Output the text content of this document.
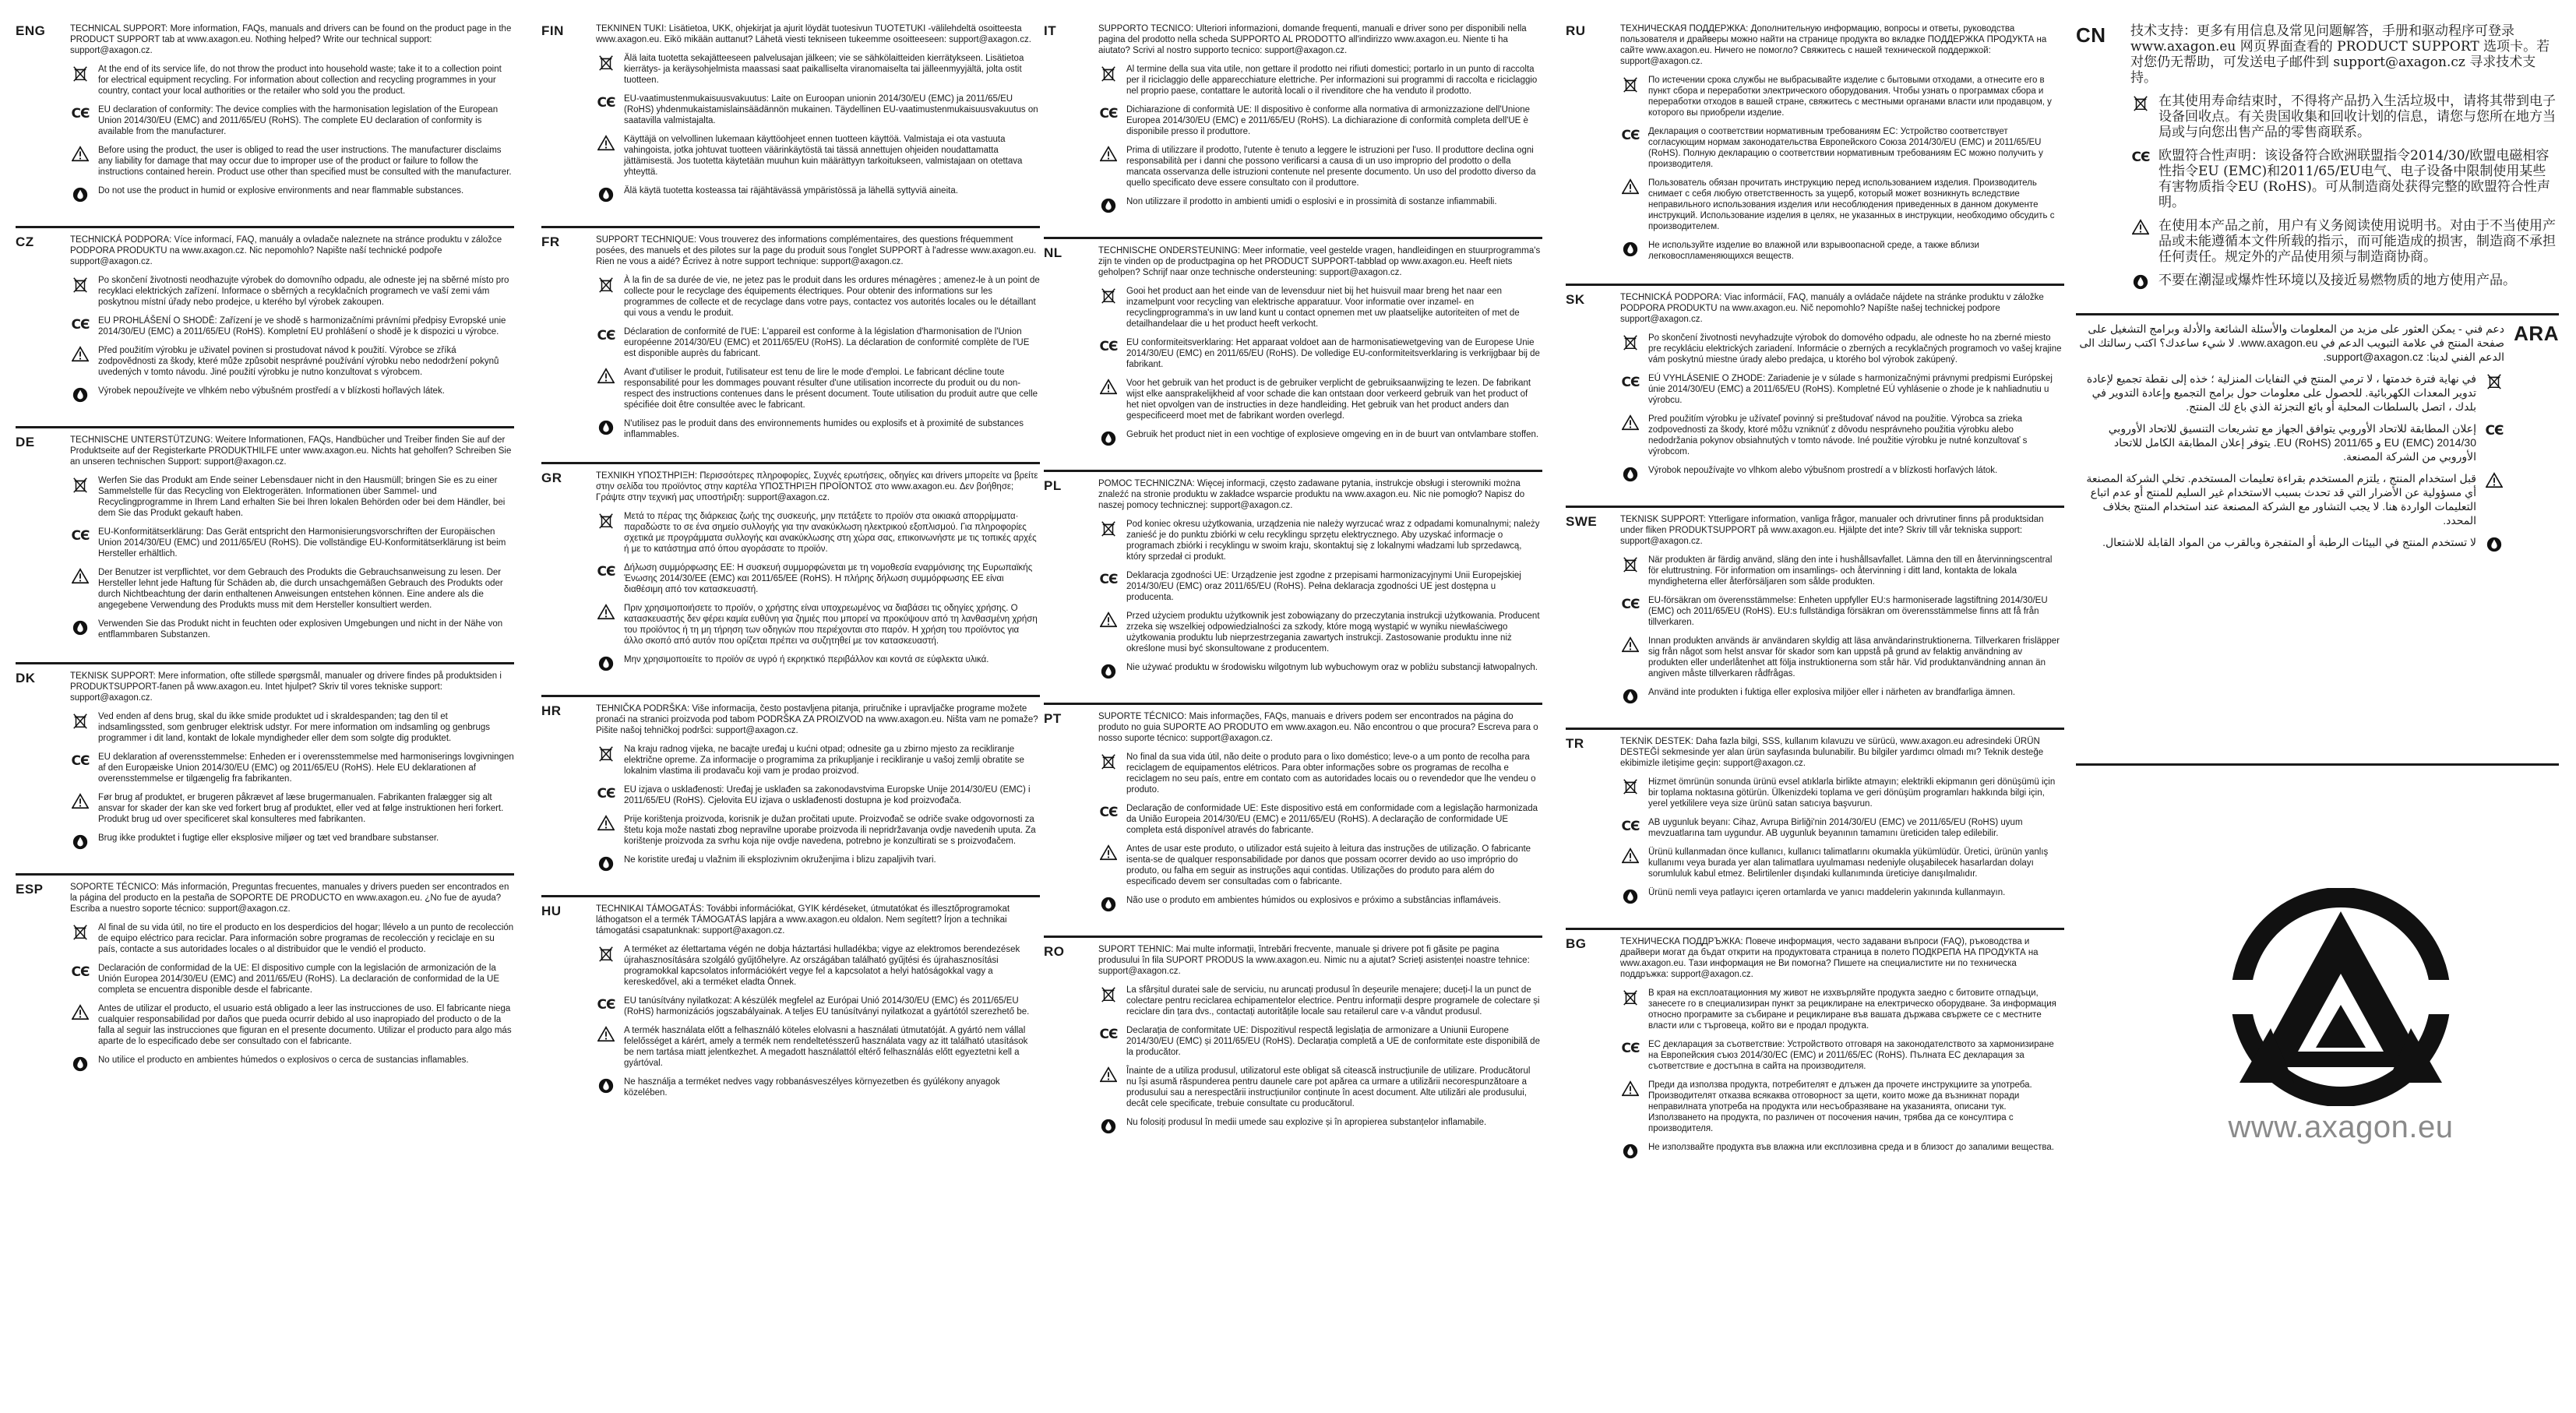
ENG	TECHNICAL SUPPORT: More information, FAQs, manuals and drivers can be found on the product page in the PRODUCT SUPPORT tab at www.axagon.eu. Nothing helped? Write our technical support: support@axagon.cz.
At the end of its service life, do not throw the product into household waste; take it to a collection point for electrical equipment recycling. For information about collection and recycling programmes in your country, contact your local authorities or the retailer who sold you the product.
CЄ EU declaration of conformity: The device complies with the harmonisation legislation of the European Union 2014/30/EU (EMC) and 2011/65/EU (RoHS). The complete EU declaration of conformity is available from the manufacturer.
Before using the product, the user is obliged to read the user instructions. The manufacturer disclaims any liability for damage that may occur due to improper use of the product or failure to follow the instructions contained herein. Product use other than specified must be consulted with the manufacturer.
Do not use the product in humid or explosive environments and near flammable substances.
CZ	TECHNICKÁ PODPORA: Více informací, FAQ, manuály a ovladače naleznete na stránce produktu v záložce PODPORA PRODUKTU na www.axagon.cz. Nic nepomohlo? Napište naší technické podpoře support@axagon.cz.
Po skončení životnosti neodhazujte výrobek do domovního odpadu, ale odneste jej na sběrné místo pro recyklaci elektrických zařízení. Informace o sběrných a recyklačních programech ve vaší zemi vám poskytnou místní úřady nebo prodejce, u kterého byl výrobek zakoupen.
CЄ EU PROHLÁŠENÍ O SHODĚ: Zařízení je ve shodě s harmonizačními právními předpisy Evropské unie 2014/30/EU (EMC) a 2011/65/EU (RoHS). Kompletní EU prohlášení o shodě je k dispozici u výrobce.
Před použitím výrobku je uživatel povinen si prostudovat návod k použití. Výrobce se zříká zodpovědnosti za škody, které může způsobit nesprávné používání výrobku nebo nedodržení pokynů uvedených v tomto návodu. Jiné použití výrobku je nutno konzultovat s výrobcem.
Výrobek nepoužívejte ve vlhkém nebo výbušném prostředí a v blízkosti hořlavých látek.
DE	TECHNISCHE UNTERSTÜTZUNG: Weitere Informationen, FAQs, Handbücher und Treiber finden Sie auf der Produktseite auf der Registerkarte PRODUKTHILFE unter www.axagon.eu. Nichts hat geholfen? Schreiben Sie an unseren technischen Support: support@axagon.cz.
Werfen Sie das Produkt am Ende seiner Lebensdauer nicht in den Hausmüll; bringen Sie es zu einer Sammelstelle für das Recycling von Elektrogeräten. Informationen über Sammel- und Recyclingprogramme in Ihrem Land erhalten Sie bei Ihren lokalen Behörden oder bei dem Händler, bei dem Sie das Produkt gekauft haben.
CЄ EU-Konformitätserklärung: Das Gerät entspricht den Harmonisierungsvorschriften der Europäischen Union 2014/30/EU (EMC) und 2011/65/EU (RoHS). Die vollständige EU-Konformitätserklärung ist beim Hersteller erhältlich.
Der Benutzer ist verpflichtet, vor dem Gebrauch des Produkts die Gebrauchsanweisung zu lesen. Der Hersteller lehnt jede Haftung für Schäden ab, die durch unsachgemäßen Gebrauch des Produkts oder durch Nichtbeachtung der darin enthaltenen Anweisungen entstehen können. Eine andere als die angegebene Verwendung des Produkts muss mit dem Hersteller konsultiert werden.
Verwenden Sie das Produkt nicht in feuchten oder explosiven Umgebungen und nicht in der Nähe von entflammbaren Substanzen.
DK	TEKNISK SUPPORT: Mere information, ofte stillede spørgsmål, manualer og drivere findes på produktsiden i PRODUKTSUPPORT-fanen på www.axagon.eu. Intet hjulpet? Skriv til vores tekniske support: support@axagon.cz.
Ved enden af dens brug, skal du ikke smide produktet ud i skraldespanden; tag den til et indsamlingssted, som genbruger elektrisk udstyr. For mere information om indsamling og genbrugs programmer i dit land, kontakt de lokale myndigheder eller dem som solgte dig produktet.
CЄ EU deklaration af overensstemmelse: Enheden er i overensstemmelse med harmoniserings lovgivningen af den Europæiske Union 2014/30/EU (EMC) og 2011/65/EU (RoHS). Hele EU deklarationen af overensstemmelse er tilgængelig fra fabrikanten.
Før brug af produktet, er brugeren påkrævet af læse brugermanualen. Fabrikanten fralægger sig alt ansvar for skader der kan ske ved forkert brug af produktet, eller ved at følge instruktionen heri forkert. Produkt brug ud over specificeret skal konsulteres med fabrikanten.
Brug ikke produktet i fugtige eller eksplosive miljøer og tæt ved brandbare substanser.
ESP	SOPORTE TÉCNICO: Más información, Preguntas frecuentes, manuales y drivers pueden ser encontrados en la página del producto en la pestaña de SOPORTE DE PRODUCTO en www.axagon.eu. ¿No fue de ayuda? Escriba a nuestro soporte técnico: support@axagon.cz.
Al final de su vida útil, no tire el producto en los desperdicios del hogar; llévelo a un punto de recolección de equipo eléctrico para reciclar. Para información sobre programas de recolección y reciclaje en su país, contacte a sus autoridades locales o al distribuidor que le vendió el producto.
CЄ Declaración de conformidad de la UE: El dispositivo cumple con la legislación de armonización de la Unión Europea 2014/30/EU (EMC) and 2011/65/EU (RoHS). La declaración de conformidad de la UE completa se encuentra disponible desde el fabricante.
Antes de utilizar el producto, el usuario está obligado a leer las instrucciones de uso. El fabricante niega cualquier responsabilidad por daños que pueda ocurrir debido al uso inapropiado del producto o de la falla al seguir las instrucciones que figuran en el presente documento. Utilizar el producto para algo más aparte de lo especificado debe ser consultado con el fabricante.
No utilice el producto en ambientes húmedos o explosivos o cerca de sustancias inflamables.
FIN	TEKNINEN TUKI: Lisätietoa, UKK, ohjekirjat ja ajurit löydät tuotesivun TUOTETUKI -välilehdeltä osoitteesta www.axagon.eu. Eikö mikään auttanut? Lähetä viesti tekniseen tukeemme osoitteeseen: support@axagon.cz.
Älä laita tuotetta sekajätteeseen palvelusajan jälkeen; vie se sähkölaitteiden kierrätykseen. Lisätietoa kierrätys- ja keräysohjelmista maassasi saat paikalliselta viranomaiselta tai jälleenmyyjältä, jolta ostit tuotteen.
CЄ EU-vaatimustenmukaisuusvakuutus: Laite on Euroopan unionin 2014/30/EU (EMC) ja 2011/65/EU (RoHS) yhdenmukaistamislainsäädännön mukainen. Täydellinen EU-vaatimustenmukaisuusvakuutus on saatavilla valmistajalta.
Käyttäjä on velvollinen lukemaan käyttöohjeet ennen tuotteen käyttöä. Valmistaja ei ota vastuuta vahingoista, jotka johtuvat tuotteen väärinkäytöstä tai tässä annettujen ohjeiden noudattamatta jättämisestä. Jos tuotetta käytetään muuhun kuin määrättyyn tarkoitukseen, valmistajaan on otettava yhteyttä.
Älä käytä tuotetta kosteassa tai räjähtävässä ympäristössä ja lähellä syttyviä aineita.
FR	SUPPORT TECHNIQUE: Vous trouverez des informations complémentaires, des questions fréquemment posées, des manuels et des pilotes sur la page du produit sous l'onglet SUPPORT à l'adresse www.axagon.eu. Rien ne vous a aidé? Écrivez à notre support technique: support@axagon.cz.
À la fin de sa durée de vie, ne jetez pas le produit dans les ordures ménagères ; amenez-le à un point de collecte pour le recyclage des équipements électriques. Pour obtenir des informations sur les programmes de collecte et de recyclage dans votre pays, contactez vos autorités locales ou le détaillant qui vous a vendu le produit.
CЄ Déclaration de conformité de l'UE: L'appareil est conforme à la législation d'harmonisation de l'Union européenne 2014/30/EU (EMC) et 2011/65/EU (RoHS). La déclaration de conformité complète de l'UE est disponible auprès du fabricant.
Avant d'utiliser le produit, l'utilisateur est tenu de lire le mode d'emploi. Le fabricant décline toute responsabilité pour les dommages pouvant résulter d'une utilisation incorrecte du produit ou du non-respect des instructions contenues dans le présent document. Toute utilisation du produit autre que celle spécifiée doit être consultée avec le fabricant.
N'utilisez pas le produit dans des environnements humides ou explosifs et à proximité de substances inflammables.
GR	ΤΕΧΝΙΚΗ ΥΠΟΣΤΗΡΙΞΗ: Περισσότερες πληροφορίες, Συχνές ερωτήσεις, οδηγίες και drivers μπορείτε να βρείτε στην σελίδα του προϊόντος στην καρτέλα ΥΠΟΣΤΗΡΙΞΗ ΠΡΟΪΟΝΤΟΣ στο www.axagon.eu. Δεν βοήθησε; Γράψτε στην τεχνική μας υποστήριξη: support@axagon.cz.
Μετά το πέρας της διάρκειας ζωής της συσκευής, μην πετάξετε το προϊόν στα οικιακά απορρίμματα· παραδώστε το σε ένα σημείο συλλογής για την ανακύκλωση ηλεκτρικού εξοπλισμού. Για πληροφορίες σχετικά με προγράμματα συλλογής και ανακύκλωσης στη χώρα σας, επικοινωνήστε με τις τοπικές αρχές ή με το κατάστημα από όπου αγοράσατε το προϊόν.
CЄ Δήλωση συμμόρφωσης ΕΕ: Η συσκευή συμμορφώνεται με τη νομοθεσία εναρμόνισης της Ευρωπαϊκής Ένωσης 2014/30/EE (EMC) και 2011/65/EE (RoHS). Η πλήρης δήλωση συμμόρφωσης ΕΕ είναι διαθέσιμη από τον κατασκευαστή.
Πριν χρησιμοποιήσετε το προϊόν, ο χρήστης είναι υποχρεωμένος να διαβάσει τις οδηγίες χρήσης. Ο κατασκευαστής δεν φέρει καμία ευθύνη για ζημιές που μπορεί να προκύψουν από τη λανθασμένη χρήση του προϊόντος ή τη μη τήρηση των οδηγιών που περιέχονται στο παρόν. Η χρήση του προϊόντος για άλλο σκοπό από αυτόν που ορίζεται πρέπει να συζητηθεί με τον κατασκευαστή.
Μην χρησιμοποιείτε το προϊόν σε υγρό ή εκρηκτικό περιβάλλον και κοντά σε εύφλεκτα υλικά.
HR	TEHNIČKA PODRŠKA: Više informacija, često postavljena pitanja, priručnike i upravljačke programe možete pronaći na stranici proizvoda pod tabom PODRŠKA ZA PROIZVOD na www.axagon.eu. Ništa vam ne pomaže? Pišite našoj tehničkoj podršci: support@axagon.cz.
Na kraju radnog vijeka, ne bacajte uređaj u kućni otpad; odnesite ga u zbirno mjesto za recikliranje električne opreme. Za informacije o programima za prikupljanje i recikliranje u vašoj zemlji obratite se lokalnim vlastima ili prodavaču koji vam je prodao proizvod.
CЄ EU izjava o usklađenosti: Uređaj je usklađen sa zakonodavstvima Europske Unije 2014/30/EU (EMC) i 2011/65/EU (RoHS). Cjelovita EU izjava o usklađenosti dostupna je kod proizvođača.
Prije korištenja proizvoda, korisnik je dužan pročitati upute. Proizvođač se odriče svake odgovornosti za štetu koja može nastati zbog nepravilne uporabe proizvoda ili nepridržavanja ovdje navedenih uputa. Za korištenje proizvoda za svrhu koja nije ovdje navedena, potrebno je konzultirati se s proizvođačem.
Ne koristite uređaj u vlažnim ili eksplozivnim okruženjima i blizu zapaljivih tvari.
HU	TECHNIKAI TÁMOGATÁS: További információkat, GYIK kérdéseket, útmutatókat és illesztőprogramokat láthogatson el a termék TÁMOGATÁS lapjára a www.axagon.eu oldalon. Nem segített? Írjon a technikai támogatási csapatunknak: support@axagon.cz.
A terméket az élettartama végén ne dobja háztartási hulladékba; vigye az elektromos berendezések újrahasznosítására szolgáló gyűjtőhelyre. Az országában található gyűjtési és újrahasznosítási programokkal kapcsolatos információkért vegye fel a kapcsolatot a helyi hatóságokkal vagy a kereskedővel, aki a terméket eladta Önnek.
CЄ EU tanúsítvány nyilatkozat: A készülék megfelel az Európai Unió 2014/30/EU (EMC) és 2011/65/EU (RoHS) harmonizációs jogszabályainak. A teljes EU tanúsítványi nyilatkozat a gyártótól szerezhető be.
A termék használata előtt a felhasználó köteles elolvasni a használati útmutatóját. A gyártó nem vállal felelősséget a kárért, amely a termék nem rendeltetésszerű használata vagy az itt található utasítások be nem tartása miatt jelentkezhet. A megadott használattól eltérő felhasználás előtt egyeztetni kell a gyártóval.
Ne használja a terméket nedves vagy robbanásveszélyes környezetben és gyúlékony anyagok közelében.
IT	SUPPORTO TECNICO: Ulteriori informazioni, domande frequenti, manuali e driver sono per disponibili nella pagina del prodotto nella scheda SUPPORTO AL PRODOTTO all'indirizzo www.axagon.eu. Niente ti ha aiutato? Scrivi al nostro supporto tecnico: support@axagon.cz.
Al termine della sua vita utile, non gettare il prodotto nei rifiuti domestici; portarlo in un punto di raccolta per il riciclaggio delle apparecchiature elettriche. Per informazioni sui programmi di raccolta e riciclaggio nel proprio paese, contattare le autorità locali o il rivenditore che ha venduto il prodotto.
CЄ Dichiarazione di conformità UE: Il dispositivo è conforme alla normativa di armonizzazione dell'Unione Europea 2014/30/EU (EMC) e 2011/65/EU (RoHS). La dichiarazione di conformità completa dell'UE è disponibile presso il produttore.
Prima di utilizzare il prodotto, l'utente è tenuto a leggere le istruzioni per l'uso. Il produttore declina ogni responsabilità per i danni che possono verificarsi a causa di un uso improprio del prodotto o della mancata osservanza delle istruzioni contenute nel presente documento. Un uso del prodotto diverso da quello specificato deve essere consultato con il produttore.
Non utilizzare il prodotto in ambienti umidi o esplosivi e in prossimità di sostanze infiammabili.
NL	TECHNISCHE ONDERSTEUNING: Meer informatie, veel gestelde vragen, handleidingen en stuurprogramma's zijn te vinden op de productpagina op het PRODUCT SUPPORT-tabblad op www.axagon.eu. Heeft niets geholpen? Schrijf naar onze technische ondersteuning: support@axagon.cz.
Gooi het product aan het einde van de levensduur niet bij het huisvuil maar breng het naar een inzamelpunt voor recycling van elektrische apparatuur. Voor informatie over inzamel- en recyclingprogramma's in uw land kunt u contact opnemen met uw plaatselijke autoriteiten of met de detailhandelaar die u het product heeft verkocht.
CЄ EU conformiteitsverklaring: Het apparaat voldoet aan de harmonisatiewetgeving van de Europese Unie 2014/30/EU (EMC) en 2011/65/EU (RoHS). De volledige EU-conformiteitsverklaring is verkrijgbaar bij de fabrikant.
Voor het gebruik van het product is de gebruiker verplicht de gebruiksaanwijzing te lezen. De fabrikant wijst elke aansprakelijkheid af voor schade die kan ontstaan door verkeerd gebruik van het product of het niet opvolgen van de instructies in deze handleiding. Het gebruik van het product anders dan gespecificeerd moet met de fabrikant worden overlegd.
Gebruik het product niet in een vochtige of explosieve omgeving en in de buurt van ontvlambare stoffen.
PL	POMOC TECHNICZNA: Więcej informacji, często zadawane pytania, instrukcje obsługi i sterowniki można znaleźć na stronie produktu w zakładce wsparcie produktu na www.axagon.eu. Nic nie pomogło? Napisz do naszej pomocy technicznej: support@axagon.cz.
Pod koniec okresu użytkowania, urządzenia nie należy wyrzucać wraz z odpadami komunalnymi; należy zanieść je do punktu zbiórki w celu recyklingu sprzętu elektrycznego. Aby uzyskać informacje o programach zbiórki i recyklingu w swoim kraju, skontaktuj się z lokalnymi władzami lub sprzedawcą, który sprzedał ci produkt.
CЄ Deklaracja zgodności UE: Urządzenie jest zgodne z przepisami harmonizacyjnymi Unii Europejskiej 2014/30/EU (EMC) oraz 2011/65/EU (RoHS). Pełna deklaracja zgodności UE jest dostępna u producenta.
Przed użyciem produktu użytkownik jest zobowiązany do przeczytania instrukcji użytkowania. Producent zrzeka się wszelkiej odpowiedzialności za szkody, które mogą wystąpić w wyniku niewłaściwego użytkowania produktu lub nieprzestrzegania zawartych instrukcji. Zastosowanie produktu inne niż określone musi być skonsultowane z producentem.
Nie używać produktu w środowisku wilgotnym lub wybuchowym oraz w pobliżu substancji łatwopalnych.
PT	SUPORTE TÉCNICO: Mais informações, FAQs, manuais e drivers podem ser encontrados na página do produto no guia SUPORTE AO PRODUTO em www.axagon.eu. Não encontrou o que procura? Escreva para o nosso suporte técnico: support@axagon.cz.
No final da sua vida útil, não deite o produto para o lixo doméstico; leve-o a um ponto de recolha para reciclagem de equipamentos elétricos. Para obter informações sobre os programas de recolha e reciclagem no seu país, entre em contato com as autoridades locais ou o revendedor que lhe vendeu o produto.
CЄ Declaração de conformidade UE: Este dispositivo está em conformidade com a legislação harmonizada da União Europeia 2014/30/EU (EMC) e 2011/65/EU (RoHS). A declaração de conformidade UE completa está disponível através do fabricante.
Antes de usar este produto, o utilizador está sujeito à leitura das instruções de utilização. O fabricante isenta-se de qualquer responsabilidade por danos que possam ocorrer devido ao uso impróprio do produto, ou falha em seguir as instruções aqui contidas. Utilizações do produto para além do especificado devem ser consultadas com o fabricante.
Não use o produto em ambientes húmidos ou explosivos e próximo a substâncias inflamáveis.
RO	SUPORT TEHNIC: Mai multe informații, întrebări frecvente, manuale și drivere pot fi găsite pe pagina produsului în fila SUPORT PRODUS la www.axagon.eu. Nimic nu a ajutat? Scrieți asistenței noastre tehnice: support@axagon.cz.
La sfârșitul duratei sale de serviciu, nu aruncați produsul în deșeurile menajere; duceți-l la un punct de colectare pentru reciclarea echipamentelor electrice. Pentru informații despre programele de colectare și reciclare din țara dvs., contactați autoritățile locale sau retailerul care v-a vândut produsul.
CЄ Declarația de conformitate UE: Dispozitivul respectă legislația de armonizare a Uniunii Europene 2014/30/EU (EMC) și 2011/65/EU (RoHS). Declarația completă a UE de conformitate este disponibilă de la producător.
Înainte de a utiliza produsul, utilizatorul este obligat să citească instrucțiunile de utilizare. Producătorul nu își asumă răspunderea pentru daunele care pot apărea ca urmare a utilizării necorespunzătoare a produsului sau a nerespectării instrucțiunilor conținute în acest document. Alte utilizări ale produsului, decât cele specificate, trebuie consultate cu producătorul.
Nu folosiți produsul în medii umede sau explozive și în apropierea substanțelor inflamabile.
RU	ТЕХНИЧЕСКАЯ ПОДДЕРЖКА: Дополнительную информацию, вопросы и ответы, руководства пользователя и драйверы можно найти на странице продукта во вкладке ПОДДЕРЖКА ПРОДУКТА на сайте www.axagon.eu. Ничего не помогло? Свяжитесь с нашей технической поддержкой: support@axagon.cz.
По истечении срока службы не выбрасывайте изделие с бытовыми отходами, а отнесите его в пункт сбора и переработки электрического оборудования. Чтобы узнать о программах сбора и переработки отходов в вашей стране, свяжитесь с местными органами власти или продавцом, у которого вы приобрели изделие.
CЄ Декларация о соответствии нормативным требованиям ЕС: Устройство соответствует согласующим нормам законодательства Европейского Союза 2014/30/EU (EMC) и 2011/65/EU (RoHS). Полную декларацию о соответствии нормативным требованиям ЕС можно получить у производителя.
Пользователь обязан прочитать инструкцию перед использованием изделия. Производитель снимает с себя любую ответственность за ущерб, который может возникнуть вследствие неправильного использования изделия или несоблюдения приведенных в данном документе инструкций. Использование изделия в целях, не указанных в инструкции, необходимо обсудить с производителем.
Не используйте изделие во влажной или взрывоопасной среде, а также вблизи легковоспламеняющихся веществ.
SK	TECHNICKÁ PODPORA: Viac informácií, FAQ, manuály a ovládače nájdete na stránke produktu v záložke PODPORA PRODUKTU na www.axagon.eu. Nič nepomohlo? Napíšte našej technickej podpore support@axagon.cz.
Po skončení životnosti nevyhadzujte výrobok do domového odpadu, ale odneste ho na zberné miesto pre recykláciu elektrických zariadení. Informácie o zberných a recyklačných programoch vo vašej krajine vám poskytnú miestne úrady alebo predajca, u ktorého bol výrobok zakúpený.
CЄ EÚ VYHLÁSENIE O ZHODE: Zariadenie je v súlade s harmonizačnými právnymi predpismi Európskej únie 2014/30/EU (EMC) a 2011/65/EU (RoHS). Kompletné EÚ vyhlásenie o zhode je k nahliadnutiu u výrobcu.
Pred použitím výrobku je užívateľ povinný si preštudovať návod na použitie. Výrobca sa zrieka zodpovednosti za škody, ktoré môžu vzniknúť z dôvodu nesprávneho použitia výrobku alebo nedodržania pokynov obsiahnutých v tomto návode. Iné použitie výrobku je nutné konzultovať s výrobcom.
Výrobok nepoužívajte vo vlhkom alebo výbušnom prostredí a v blízkosti horľavých látok.
SWE	TEKNISK SUPPORT: Ytterligare information, vanliga frågor, manualer och drivrutiner finns på produktsidan under fliken PRODUKTSUPPORT på www.axagon.eu. Hjälpte det inte? Skriv till vår tekniska support: support@axagon.cz.
När produkten är färdig använd, släng den inte i hushållsavfallet. Lämna den till en återvinningscentral för eluttrustning. För information om insamlings- och återvinning i ditt land, kontakta de lokala myndigheterna eller återförsäljaren som sålde produkten.
CЄ EU-försäkran om överensstämmelse: Enheten uppfyller EU:s harmoniserade lagstiftning 2014/30/EU (EMC) och 2011/65/EU (RoHS). EU:s fullständiga försäkran om överensstämmelse finns att få från tillverkaren.
Innan produkten används är användaren skyldig att läsa användarinstruktionerna. Tillverkaren frisläpper sig från något som helst ansvar för skador som kan uppstå på grund av felaktig användning av produkten eller underlåtenhet att följa instruktionerna som står här. Vid produktanvändning annan än angiven måste tillverkaren rådfrågas.
Använd inte produkten i fuktiga eller explosiva miljöer eller i närheten av brandfarliga ämnen.
TR	TEKNİK DESTEK: Daha fazla bilgi, SSS, kullanım kılavuzu ve sürücü, www.axagon.eu adresindeki ÜRÜN DESTEĞİ sekmesinde yer alan ürün sayfasında bulunabilir. Bu bilgiler yardımcı olmadı mı? Teknik desteğe ekibimizle iletişime geçin: support@axagon.cz.
Hizmet ömrünün sonunda ürünü evsel atıklarla birlikte atmayın; elektrikli ekipmanın geri dönüşümü için bir toplama noktasına götürün. Ülkenizdeki toplama ve geri dönüşüm programları hakkında bilgi için, yerel yetkililere veya size ürünü satan satıcıya başvurun.
CЄ AB uygunluk beyanı: Cihaz, Avrupa Birliği'nin 2014/30/EU (EMC) ve 2011/65/EU (RoHS) uyum mevzuatlarına tam uygundur. AB uygunluk beyanının tamamını üreticiden talep edilebilir.
Ürünü kullanmadan önce kullanıcı, kullanıcı talimatlarını okumakla yükümlüdür. Üretici, ürünün yanlış kullanımı veya burada yer alan talimatlara uyulmaması nedeniyle oluşabilecek hasarlardan dolayı sorumluluk kabul etmez. Belirtilenler dışındaki kullanımında üreticiye danışılmalıdır.
Ürünü nemli veya patlayıcı içeren ortamlarda ve yanıcı maddelerin yakınında kullanmayın.
BG	ТЕХНИЧЕСКА ПОДДРЪЖКА: Повече информация, често задавани въпроси (FAQ), ръководства и драйвери могат да бъдат открити на продуктовата страница в полето ПОДКРЕПА НА ПРОДУКТА на www.axagon.eu. Тази информация не Ви помогна? Пишете на специалистите ни по техническа поддръжка: support@axagon.cz.
В края на експлоатационния му живот не изхвърляйте продукта заедно с битовите отпадъци, занесете го в специализиран пункт за рециклиране на електрическо оборудване. За информация относно програмите за събиране и рециклиране във вашата държава свържете се с местните власти или с търговеца, който ви е продал продукта.
CЄ ЕС декларация за съответствие: Устройството отговаря на законодателството за хармонизиране на Европейския съюз 2014/30/ЕС (EMC) и 2011/65/ЕС (RoHS). Пълната ЕС декларация за съответствие е достъпна в сайта на производителя.
Преди да използва продукта, потребителят е длъжен да прочете инструкциите за употреба. Производителят отказва всякаква отговорност за щети, които може да възникнат поради неправилната употреба на продукта или несъобразяване на указанията, описани тук. Използването на продукта, по различен от посочения начин, трябва да се консултира с производителя.
Не използвайте продукта във влажна или експлозивна среда и в близост до запалими вещества.
CN 技术支持：更多有用信息及常见问题解答，手册和驱动程序可登录 www.axagon.eu 网页界面查看的 PRODUCT SUPPORT 选项卡。若对您仍无帮助，可发送电子邮件到 support@axagon.cz 寻求技术支持。
在其使用寿命结束时，不得将产品扔入生活垃圾中，请将其带到电子设备回收点。有关贵国收集和回收计划的信息，请您与您所在地方当局或与向您出售产品的零售商联系。
CЄ 欧盟符合性声明：该设备符合欧洲联盟指令2014/30/欧盟电磁相容性指令EU (EMC)和2011/65/EU电气、电子设备中限制使用某些有害物质指令EU (RoHS)。可从制造商处获得完整的欧盟符合性声明。
在使用本产品之前，用户有义务阅读使用说明书。对由于不当使用产品或未能遵循本文件所载的指示，而可能造成的损害，制造商不承担任何责任。规定外的产品使用须与制造商协商。
不要在潮湿或爆炸性环境以及接近易燃物质的地方使用产品。
ARA
دعم فني - يمكن العثور على مزيد من المعلومات والأسئلة الشائعة والأدلة وبرامج التشغيل على صفحة المنتج في علامة التبويب الدعم في www.axagon.eu. لا شيء ساعدك؟ اكتب رسالتك الى الدعم الفني لدينا: support@axagon.cz.
في نهاية فترة خدمتها ، لا ترمي المنتج في النفايات المنزلية ؛ خذه إلى نقطة تجميع لإعادة تدوير المعدات الكهربائية. للحصول على معلومات حول برامج التجميع وإعادة التدوير في بلدك ، اتصل بالسلطات المحلية أو بائع التجزئة الذي باع لك المنتج.
CЄ
إعلان المطابقة للاتحاد الأوروبي يتوافق الجهاز مع تشريعات التنسيق للاتحاد الأوروبي 2014/30 EU (EMC) و 2011/65 EU (RoHS). يتوفر إعلان المطابقة الكامل للاتحاد الأوروبي من الشركة المصنعة.
قبل استخدام المنتج ، يلتزم المستخدم بقراءة تعليمات المستخدم. تخلي الشركة المصنعة أي مسؤولية عن الأضرار التي قد تحدث بسبب الاستخدام غير السليم للمنتج أو عدم اتباع التعليمات الواردة هنا. لا يجب التشاور مع الشركة المصنعة عند استخدام المنتج بخلاف المحدد.
لا تستخدم المنتج في البيئات الرطبة أو المتفجرة وبالقرب من المواد القابلة للاشتعال.
www.axagon.eu
